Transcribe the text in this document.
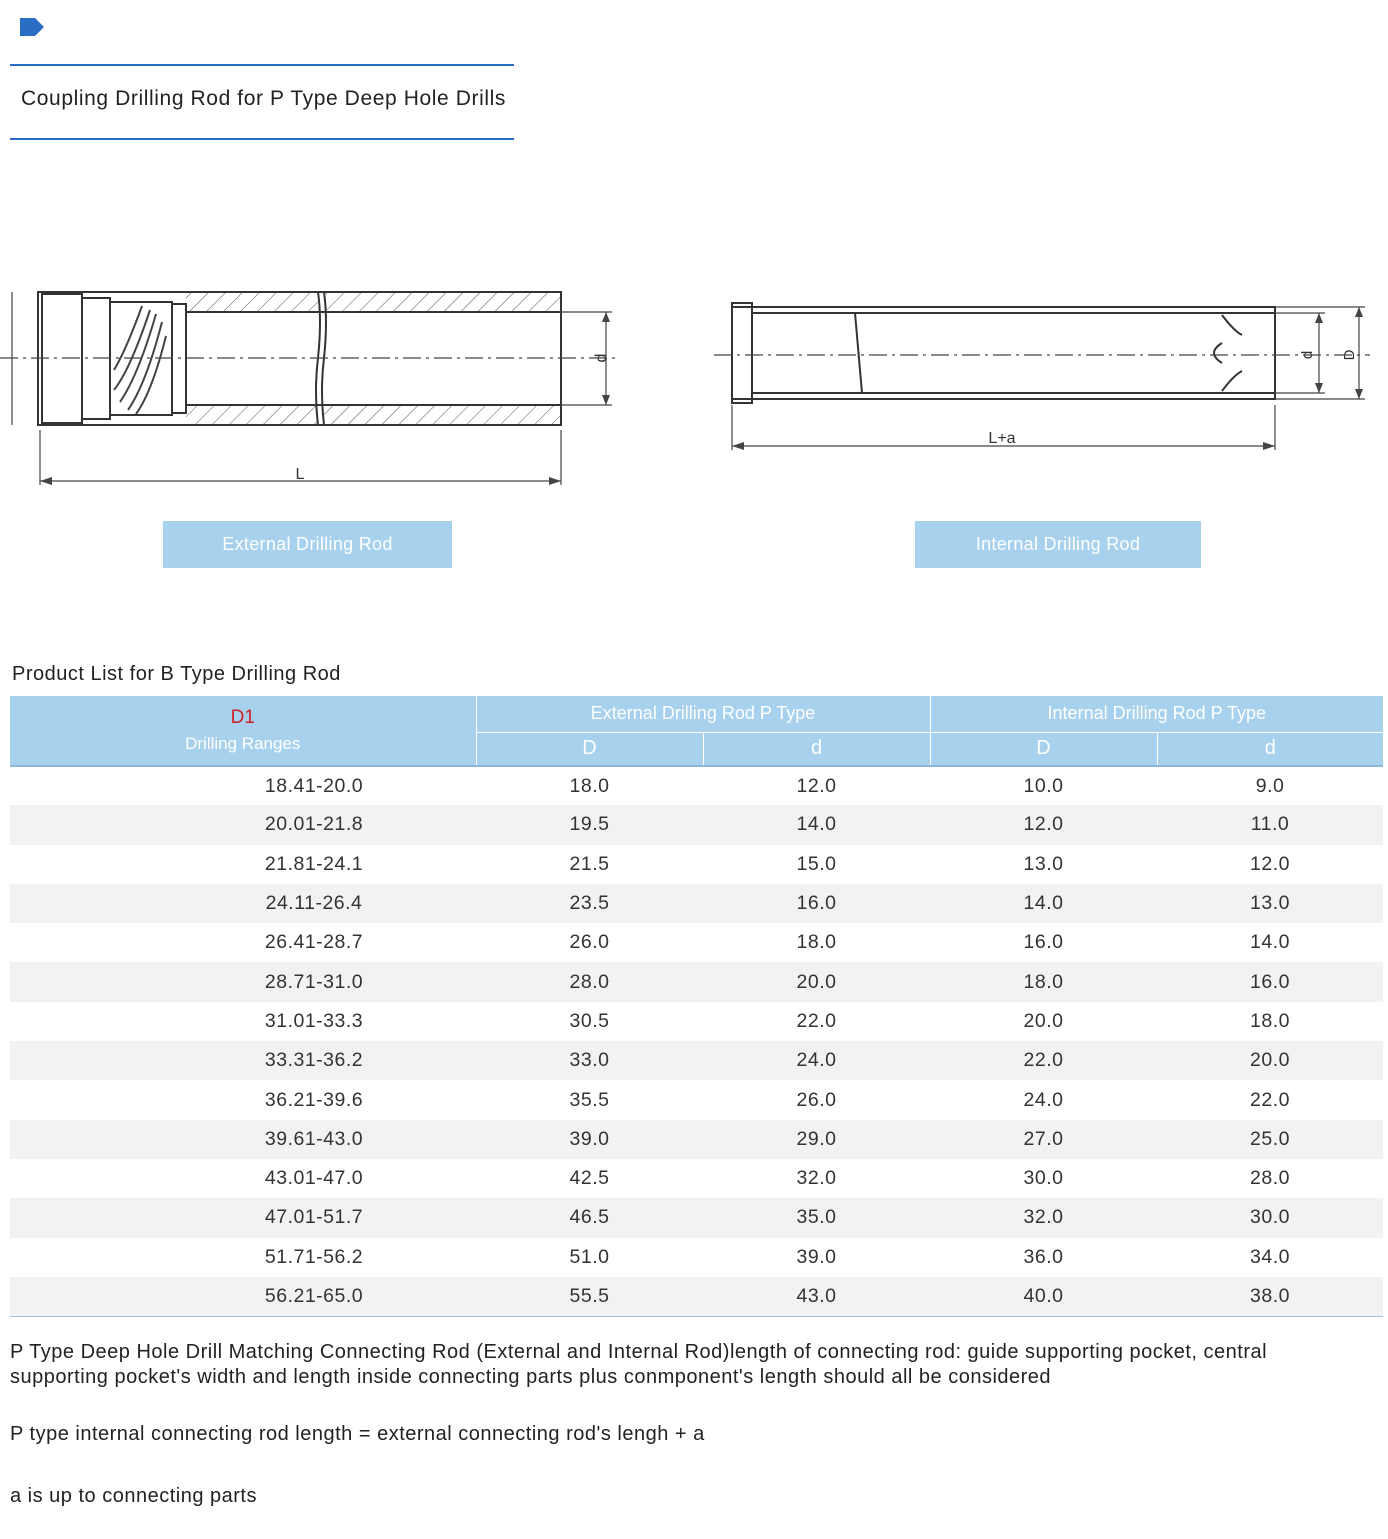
Coupling Drilling Rod for P Type Deep Hole Drills
d
L
d D
L+a
External Drilling Rod	Internal Drilling Rod
Product List for B Type Drilling Rod
D1
Drilling Ranges	External Drilling Rod P Type		Internal Drilling Rod P Type	
	D	d	D	d
18.41-20.0	18.0	12.0	10.0	9.0
20.01-21.8	19.5	14.0	12.0	11.0
21.81-24.1	21.5	15.0	13.0	12.0
24.11-26.4	23.5	16.0	14.0	13.0
26.41-28.7	26.0	18.0	16.0	14.0
28.71-31.0	28.0	20.0	18.0	16.0
31.01-33.3	30.5	22.0	20.0	18.0
33.31-36.2	33.0	24.0	22.0	20.0
36.21-39.6	35.5	26.0	24.0	22.0
39.61-43.0	39.0	29.0	27.0	25.0
43.01-47.0	42.5	32.0	30.0	28.0
47.01-51.7	46.5	35.0	32.0	30.0
51.71-56.2	51.0	39.0	36.0	34.0
56.21-65.0	55.5	43.0	40.0	38.0
P Type Deep Hole Drill Matching Connecting Rod (External and Internal Rod)length of connecting rod: guide supporting pocket, central
supporting pocket's width and length inside connecting parts plus conmponent's length should all be considered
P type internal connecting rod length = external connecting rod's lengh + a
a is up to connecting parts
